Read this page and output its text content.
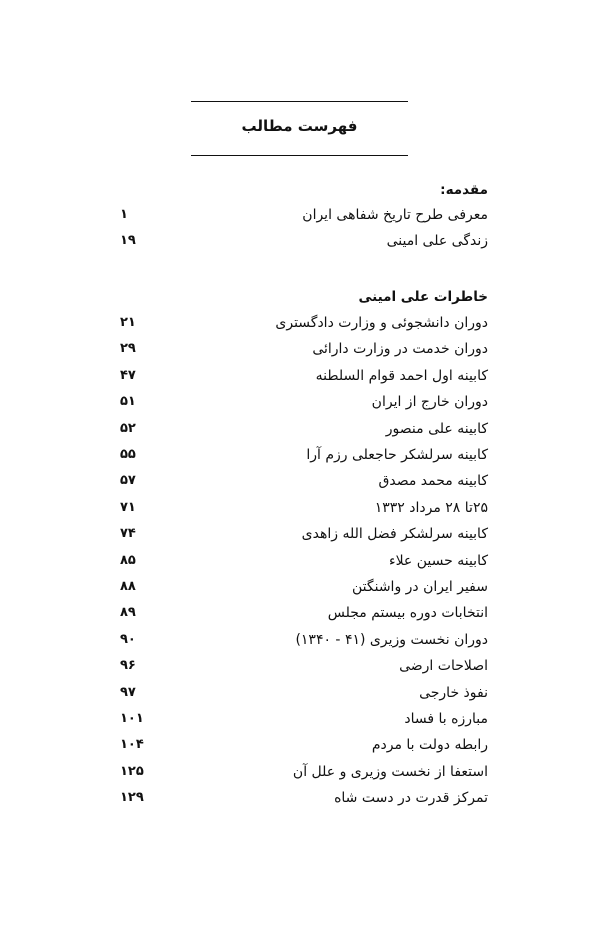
فهرست مطالب
مقدمه:
معرفی طرح تاریخ شفاهی ایران
۱
زندگی علی امینی
۱۹
خاطرات علی امینی
دوران دانشجوئی و وزارت دادگستری
۲۱
دوران خدمت در وزارت دارائی
۲۹
کابینه اول احمد قوام السلطنه
۴۷
دوران خارج از ایران
۵۱
کابینه علی منصور
۵۲
کابینه سرلشکر حاجعلی رزم آرا
۵۵
کابینه محمد مصدق
۵۷
۲۵تا ۲۸ مرداد ۱۳۳۲
۷۱
کابینه سرلشکر فضل الله زاهدی
۷۴
کابینه حسین علاء
۸۵
سفیر ایران در واشنگتن
۸۸
انتخابات دوره بیستم مجلس
۸۹
دوران نخست وزیری (۴۱ - ۱۳۴۰)
۹۰
اصلاحات ارضی
۹۶
نفوذ خارجی
۹۷
مبارزه با فساد
۱۰۱
رابطه دولت با مردم
۱۰۴
استعفا از نخست وزیری و علل آن
۱۲۵
تمرکز قدرت در دست شاه
۱۲۹
